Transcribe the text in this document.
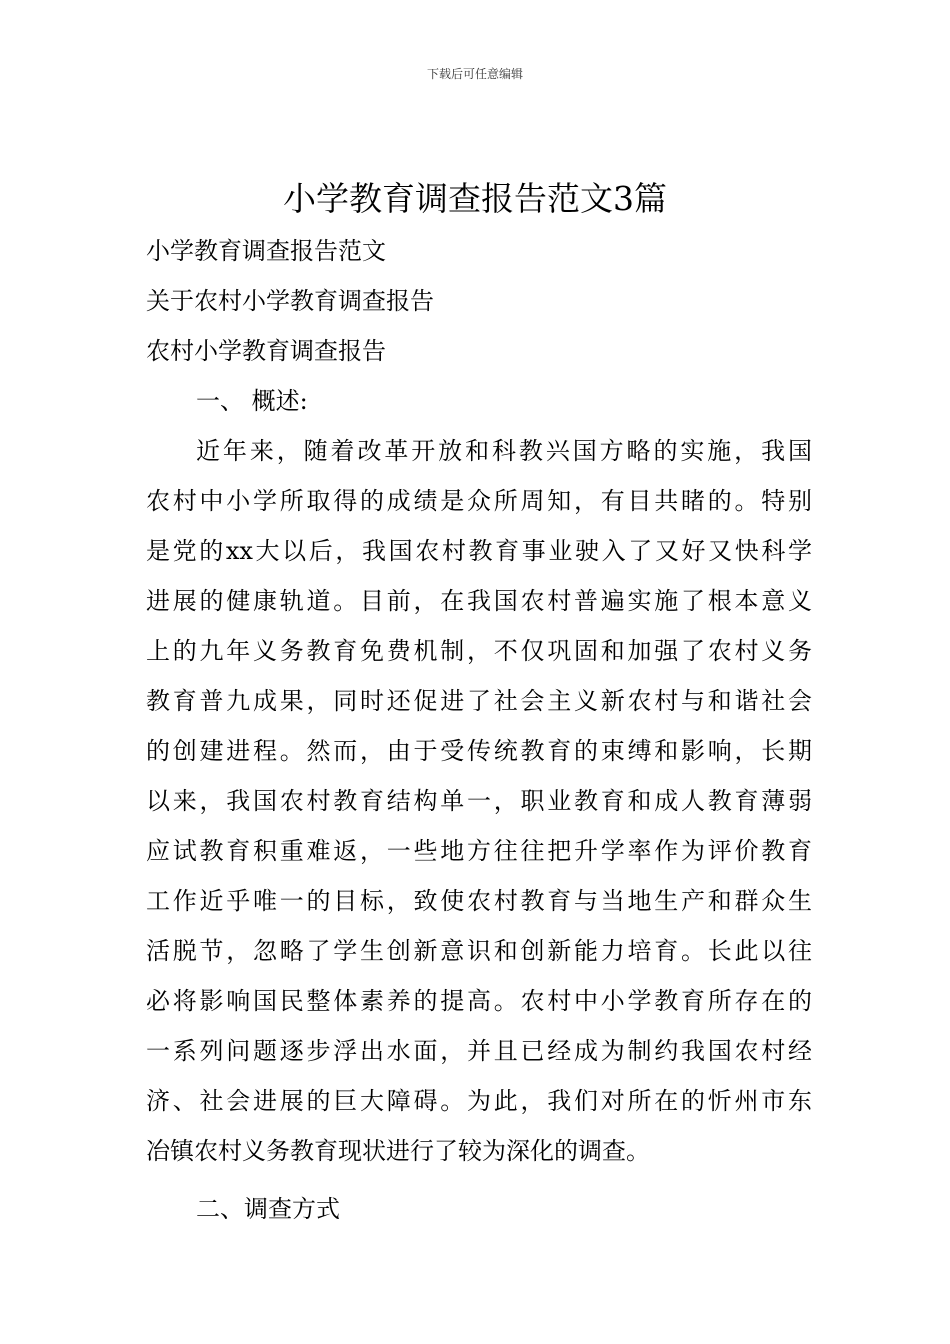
下载后可任意编辑
小学教育调查报告范文3篇
小学教育调查报告范文
关于农村小学教育调查报告
农村小学教育调查报告
一、 概述:
近年来，随着改革开放和科教兴国方略的实施，我国
农村中小学所取得的成绩是众所周知，有目共睹的。特别
是党的xx大以后，我国农村教育事业驶入了又好又快科学
进展的健康轨道。目前，在我国农村普遍实施了根本意义
上的九年义务教育免费机制，不仅巩固和加强了农村义务
教育普九成果，同时还促进了社会主义新农村与和谐社会
的创建进程。然而，由于受传统教育的束缚和影响，长期
以来，我国农村教育结构单一，职业教育和成人教育薄弱
应试教育积重难返，一些地方往往把升学率作为评价教育
工作近乎唯一的目标，致使农村教育与当地生产和群众生
活脱节，忽略了学生创新意识和创新能力培育。长此以往
必将影响国民整体素养的提高。农村中小学教育所存在的
一系列问题逐步浮出水面，并且已经成为制约我国农村经
济、社会进展的巨大障碍。为此，我们对所在的忻州市东
冶镇农村义务教育现状进行了较为深化的调查。
二、调查方式
